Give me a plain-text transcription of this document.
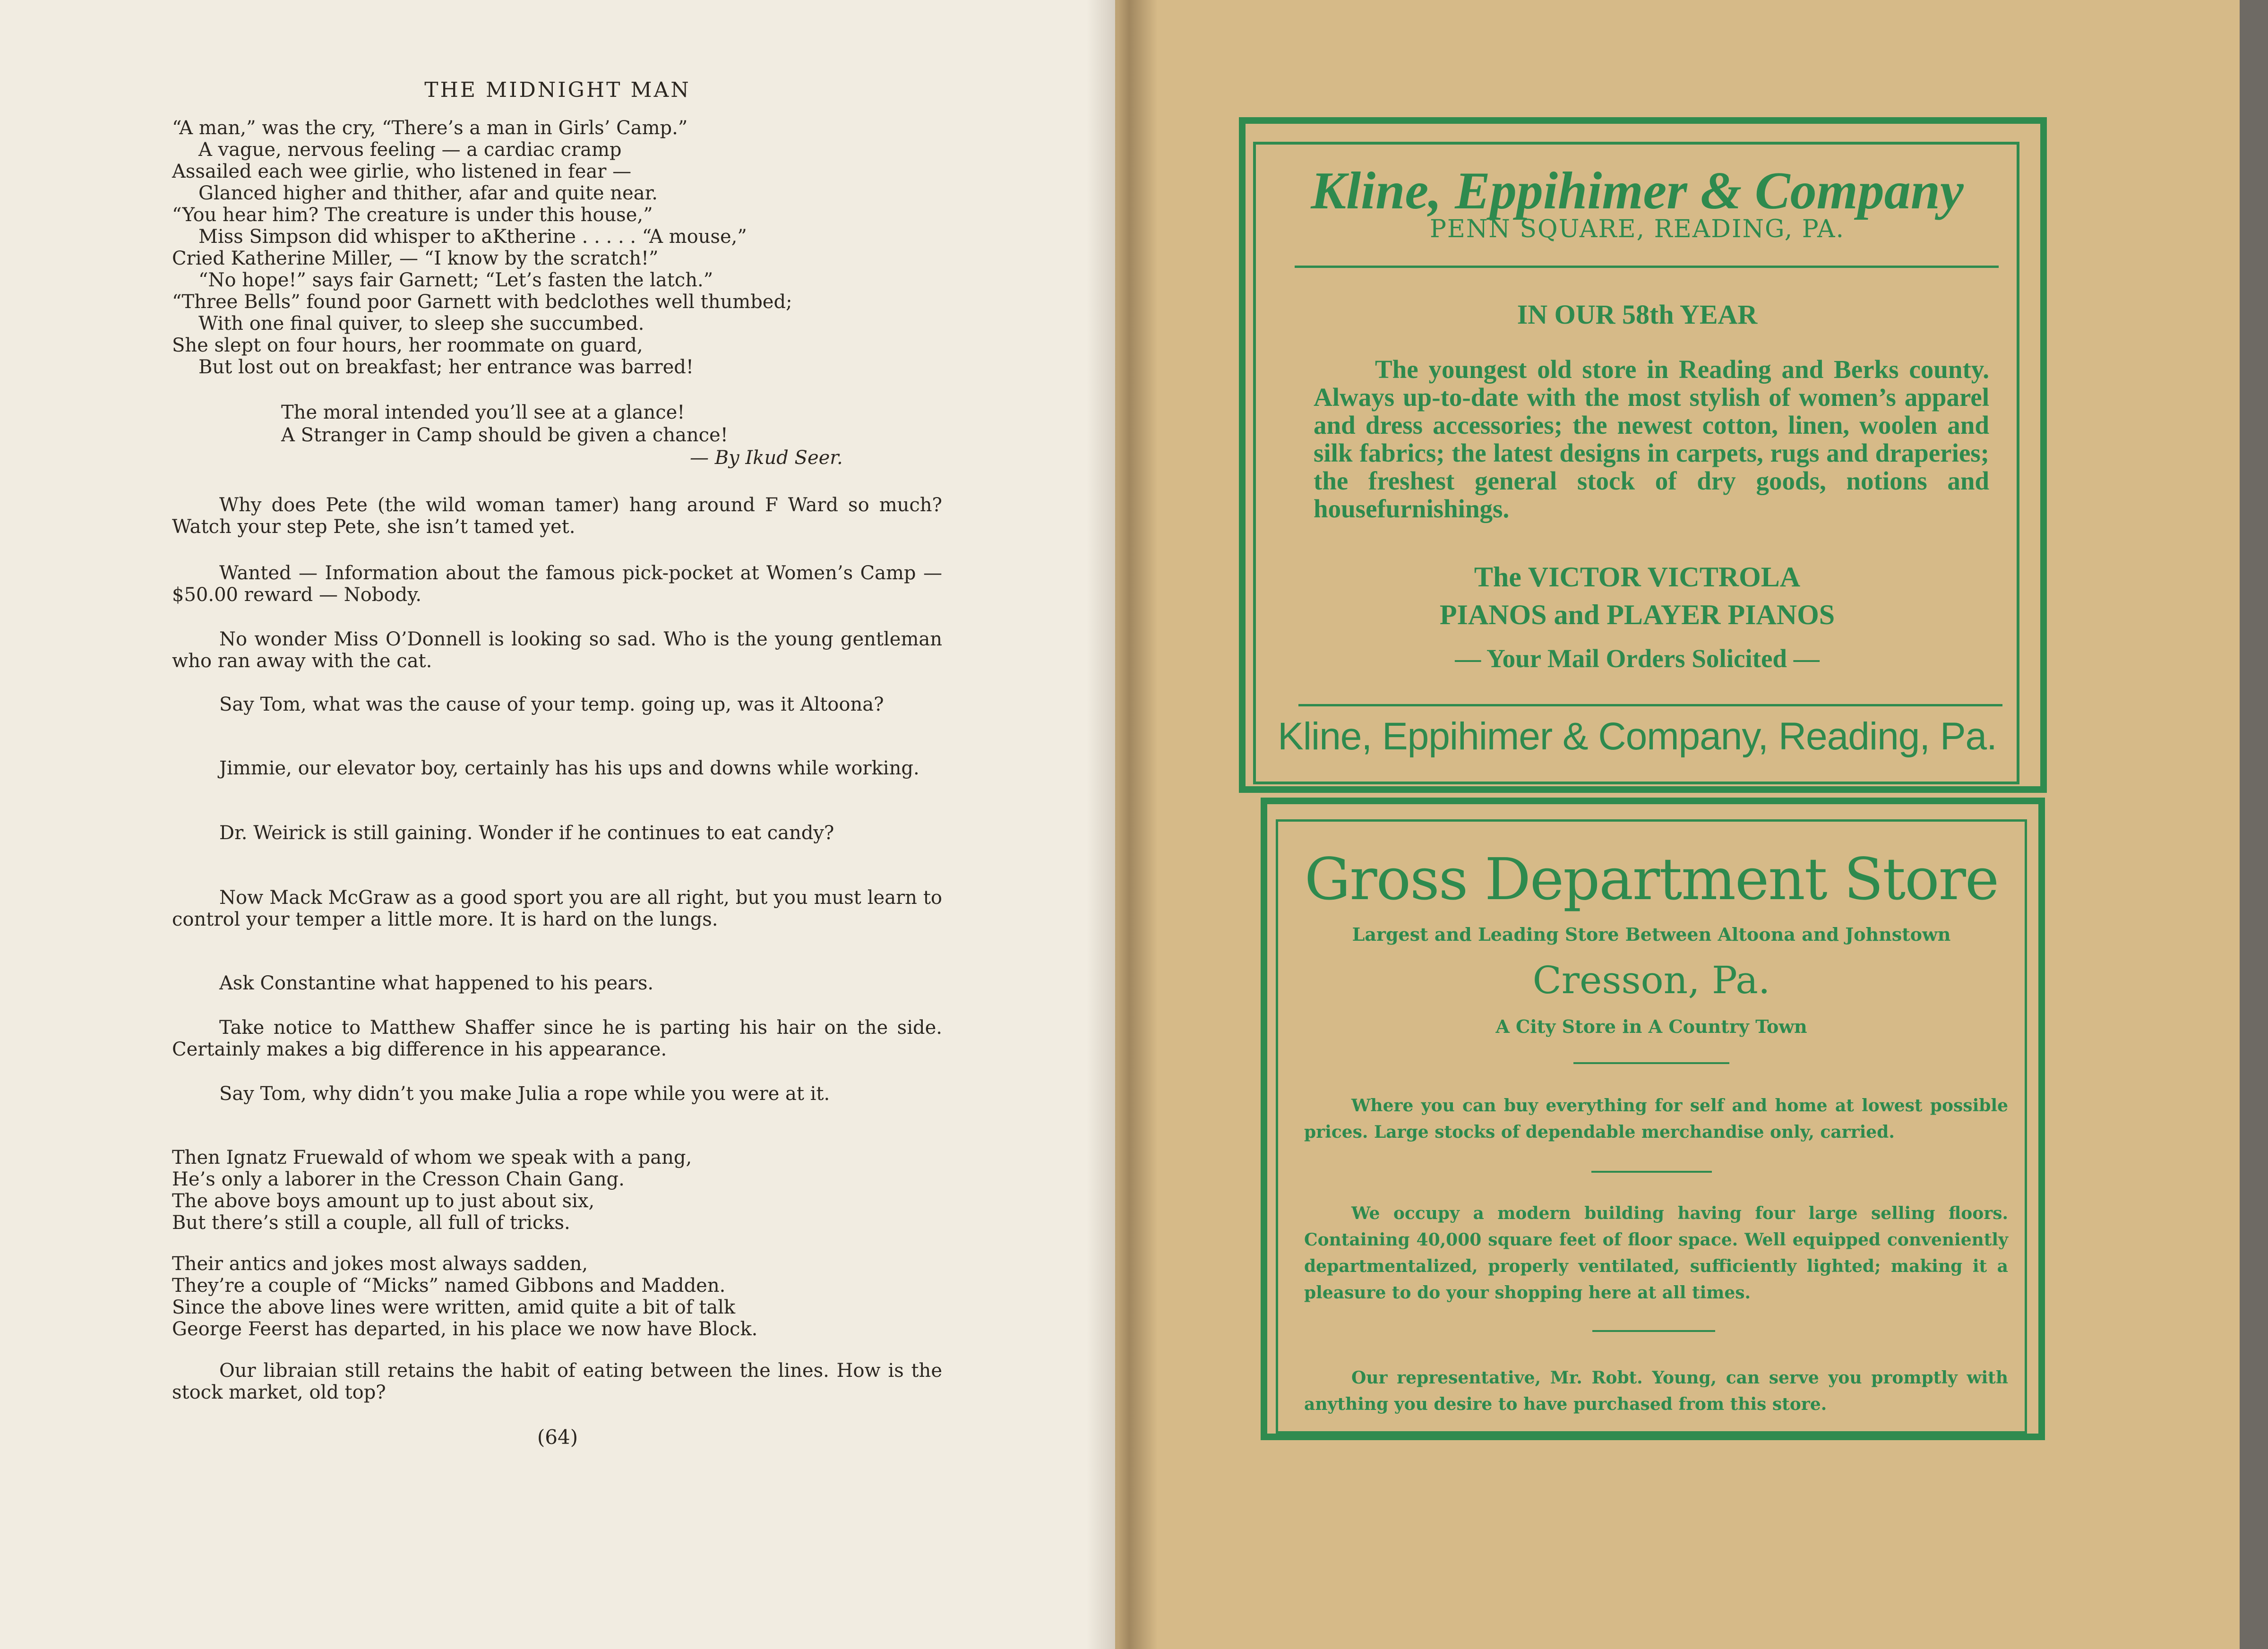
THE MIDNIGHT MAN
“A man,” was the cry, “There’s a man in Girls’ Camp.”
A vague, nervous feeling — a cardiac cramp
Assailed each wee girlie, who listened in fear —
Glanced higher and thither, afar and quite near.
“You hear him? The creature is under this house,”
Miss Simpson did whisper to aKtherine . . . . . “A mouse,”
Cried Katherine Miller, — “I know by the scratch!”
“No hope!” says fair Garnett; “Let’s fasten the latch.”
“Three Bells” found poor Garnett with bedclothes well thumbed;
With one final quiver, to sleep she succumbed.
She slept on four hours, her roommate on guard,
But lost out on breakfast; her entrance was barred!
The moral intended you’ll see at a glance!
A Stranger in Camp should be given a chance!
— By Ikud Seer.

Why does Pete (the wild woman tamer) hang around F Ward so much? Watch your step Pete, she isn’t tamed yet.

Wanted — Information about the famous pick-pocket at Women’s Camp — $50.00 reward — Nobody.

No wonder Miss O’Donnell is looking so sad. Who is the young gentleman who ran away with the cat.

Say Tom, what was the cause of your temp. going up, was it Altoona?

Jimmie, our elevator boy, certainly has his ups and downs while working.

Dr. Weirick is still gaining. Wonder if he continues to eat candy?

Now Mack McGraw as a good sport you are all right, but you must learn to control your temper a little more. It is hard on the lungs.

Ask Constantine what happened to his pears.

Take notice to Matthew Shaffer since he is parting his hair on the side. Certainly makes a big difference in his appearance.

Say Tom, why didn’t you make Julia a rope while you were at it.

Then Ignatz Fruewald of whom we speak with a pang,
He’s only a laborer in the Cresson Chain Gang.
The above boys amount up to just about six,
But there’s still a couple, all full of tricks.
Their antics and jokes most always sadden,
They’re a couple of “Micks” named Gibbons and Madden.
Since the above lines were written, amid quite a bit of talk
George Feerst has departed, in his place we now have Block.

Our libraian still retains the habit of eating between the lines. How is the stock market, old top?

(64)
Kline, Eppihimer & Company
PENN SQUARE, READING, PA.
IN OUR 58th YEAR
The youngest old store in Reading and Berks county. Always up-to-date with the most stylish of women’s apparel and dress accessories; the newest cotton, linen, woolen and silk fabrics; the latest designs in carpets, rugs and draperies; the freshest general stock of dry goods, notions and housefurnishings.
The VICTOR VICTROLA
PIANOS and PLAYER PIANOS
— Your Mail Orders Solicited —
Kline, Eppihimer & Company, Reading, Pa.
Gross Department Store
Largest and Leading Store Between Altoona and Johnstown
Cresson, Pa.
A City Store in A Country Town
Where you can buy everything for self and home at lowest possible prices. Large stocks of dependable merchandise only, carried.
We occupy a modern building having four large selling floors. Containing 40,000 square feet of floor space. Well equipped conveniently departmentalized, properly ventilated, sufficiently lighted; making it a pleasure to do your shopping here at all times.
Our representative, Mr. Robt. Young, can serve you promptly with anything you desire to have purchased from this store.
